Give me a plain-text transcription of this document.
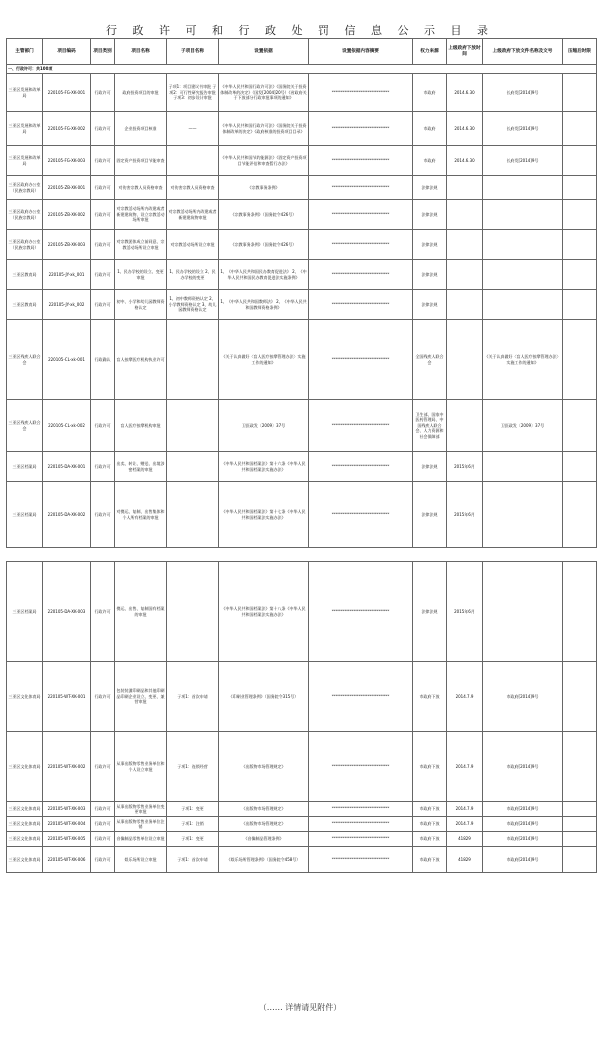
行 政 许 可 和 行 政 处 罚 信 息 公 示 目 录
主管部门	项目编码	项目类别	项目名称	子项目名称	设置依据	设置依据内容摘要	权力来源	上级政府下放时间	上级政府下放文件名称及文号	压缩后时限
一、行政许可：共100项										
三亚区发展和改革局	220105-FG-XK-001	行政许可	政府投资项目的审批	子项1：项目建议书审批 子项2：可行性研究报告审批 子项3：初步设计审批	《中华人民共和国行政许可法》《国务院关于投资体制改革的决定》（国发[2004]20号）《省政府关于下放部分行政审批事项的通知》	********************************	市政府	2014.6.30	长府发[2014]9号	
三亚区发展和改革局	220105-FG-XK-002	行政许可	企业投资项目核准	——	《中华人民共和国行政许可法》《国务院关于投资体制改革的决定》《政府核准的投资项目目录》	********************************	市政府	2014.6.30	长府发[2014]9号	
三亚区发展和改革局	220105-FG-XK-003	行政许可	固定资产投资项目节能审查		《中华人民共和国节约能源法》《固定资产投资项目节能评估和审查暂行办法》	********************************	市政府	2014.6.30	长府发[2014]9号	
三亚区政府办公室（民族宗教局）	220105-ZB-XK-001	行政许可	对伤害宗教人员资格审查	对伤害宗教人员资格审查	《宗教事务条例》	********************************	法律法规			
三亚区政府办公室（民族宗教局）	220105-ZB-XK-002	行政许可	对宗教活动场所内改建或者新建建筑物、设立宗教活动场所审批	对宗教活动场所内改建或者新建建筑物审批	《宗教事务条例》（国务院令426号）	********************************	法律法规			
三亚区政府办公室（民族宗教局）	220105-ZB-XK-003	行政许可	对宗教团体成立前同意、宗教活动场所设立审批	对宗教活动场所设立审批	《宗教事务条例》（国务院令426号）	********************************	法律法规			
三亚区教育局	220105-JY-xk_001	行政许可	1、民办学校的设立、变更审批	1、民办学校的设立 2、民办学校的变更	1、《中华人民共和国民办教育促进法》 2、《中华人民共和国民办教育促进法实施条例》	********************************	法律法规			
三亚区教育局	220105-JY-xk_002	行政许可	初中、小学和幼儿园教师资格认定	1、初中教师资格认定 2、小学教师资格认定 3、幼儿园教师资格认定	1、《中华人民共和国教师法》 2、《中华人民共和国教师资格条例》	********************************	法律法规			
三亚区残疾人联合会	220105-CL-xk-001	行政确认	盲人按摩医疗机构执业许可		《关于认真做好〈盲人医疗按摩管理办法〉实施工作的通知》	********************************	全国残疾人联合会		《关于认真做好〈盲人医疗按摩管理办法〉实施工作的通知》	
三亚区残疾人联合会	220105-CL-xk-002	行政许可	盲人医疗按摩机构审批		卫医政发〔2009〕37号	********************************	卫生部、国家中医药管理局、中国残疾人联合会、人力资源和社会保障部		卫医政发〔2009〕37号	
三亚区档案局	220105-DA-XK-001	行政许可	出卖、转让、赠送、出境涉密档案的审批		《中华人民共和国档案法》第十六条《中华人民共和国档案法实施办法》	********************************	法律法规	2015年6月		
三亚区档案局	220105-DA-XK-002	行政许可	对携运、复制、出售集体和个人所有档案的审批		《中华人民共和国档案法》第十七条《中华人民共和国档案法实施办法》	********************************	法律法规	2015年6月		

三亚区档案局	220105-DA-XK-003	行政许可	携运、出售、复制国有档案的审批		《中华人民共和国档案法》第十八条《中华人民共和国档案法实施办法》	********************************	法律法规	2015年6月		
三亚区文化体育局	220105-WT-XK-001	行政许可	包装装潢印刷品和其他印刷品印刷企业设立、变更、兼营审批	子项1：首次申请	《印刷业管理条例》（国务院令315号）	********************************	市政府下放	2014.7.9	市政府[2014]9号	
三亚区文化体育局	220105-WT-XK-002	行政许可	从事出版物零售业务单位和个人设立审批	子项1：连锁经营	《出版物市场管理规定》	********************************	市政府下放	2014.7.9	市政府[2014]9号	
三亚区文化体育局	220105-WT-XK-003	行政许可	从事出版物零售业务单位变更审批	子项1：变更	《出版物市场管理规定》	********************************	市政府下放	2014.7.9	市政府[2014]9号	
三亚区文化体育局	220105-WT-XK-004	行政许可	从事出版物零售业务单位注销	子项1：注销	《出版物市场管理规定》	********************************	市政府下放	2014.7.9	市政府[2014]9号	
三亚区文化体育局	220105-WT-XK-005	行政许可	音像制品零售单位设立审批	子项1：变更	《音像制品管理条例》	********************************	市政府下放	41829	市政府[2014]9号	
三亚区文化体育局	220105-WT-XK-006	行政许可	娱乐场所设立审批	子项1：首次申请	《娱乐场所管理条例》（国务院令458号）	********************************	市政府下放	41829	市政府[2014]9号	
（…… 详情请见附件）
